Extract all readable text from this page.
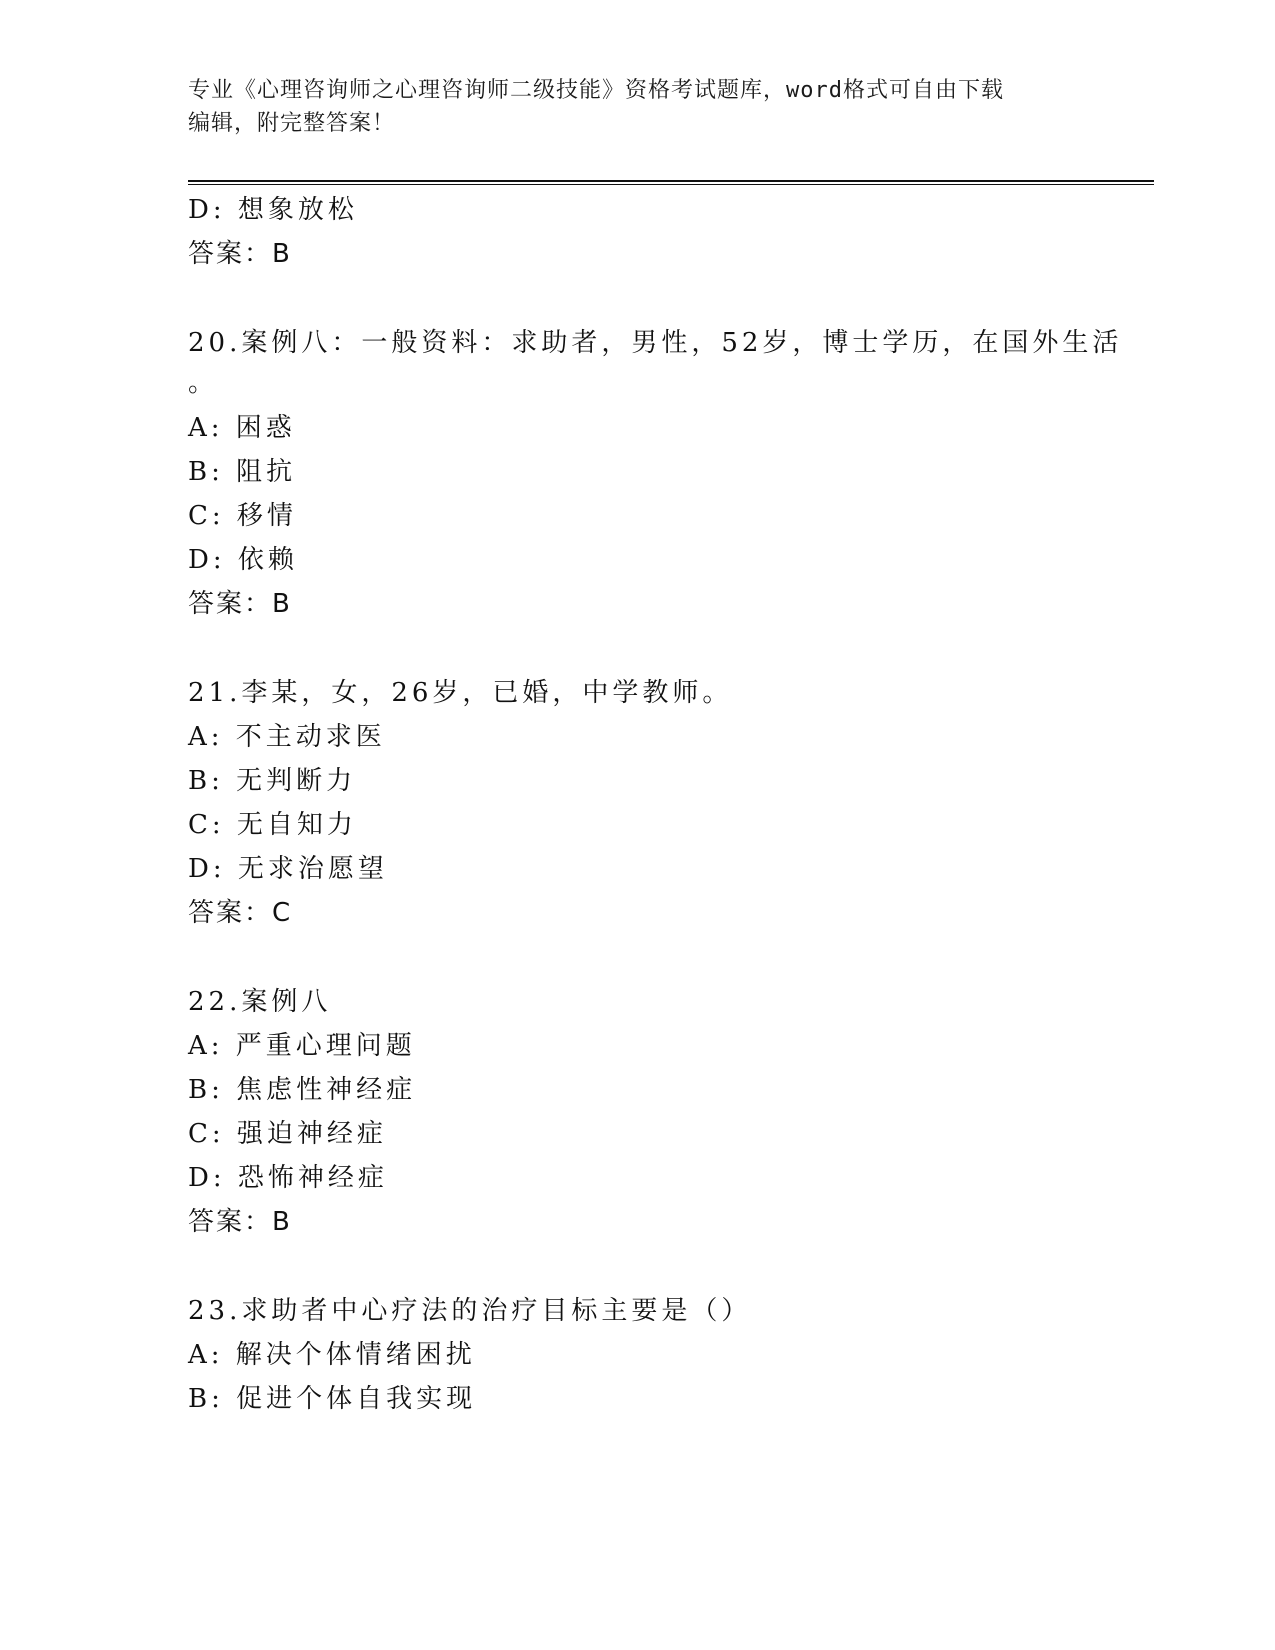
专业《心理咨询师之心理咨询师二级技能》资格考试题库，word格式可自由下载
编辑，附完整答案！
D: 想象放松
答案：B
20.案例八：一般资料：求助者，男性，52岁，博士学历，在国外生活
。
A: 困惑
B: 阻抗
C: 移情
D: 依赖
答案：B
21.李某，女，26岁，已婚，中学教师。
A: 不主动求医
B: 无判断力
C: 无自知力
D: 无求治愿望
答案：C
22.案例八
A: 严重心理问题
B: 焦虑性神经症
C: 强迫神经症
D: 恐怖神经症
答案：B
23.求助者中心疗法的治疗目标主要是（）
A: 解决个体情绪困扰
B: 促进个体自我实现
